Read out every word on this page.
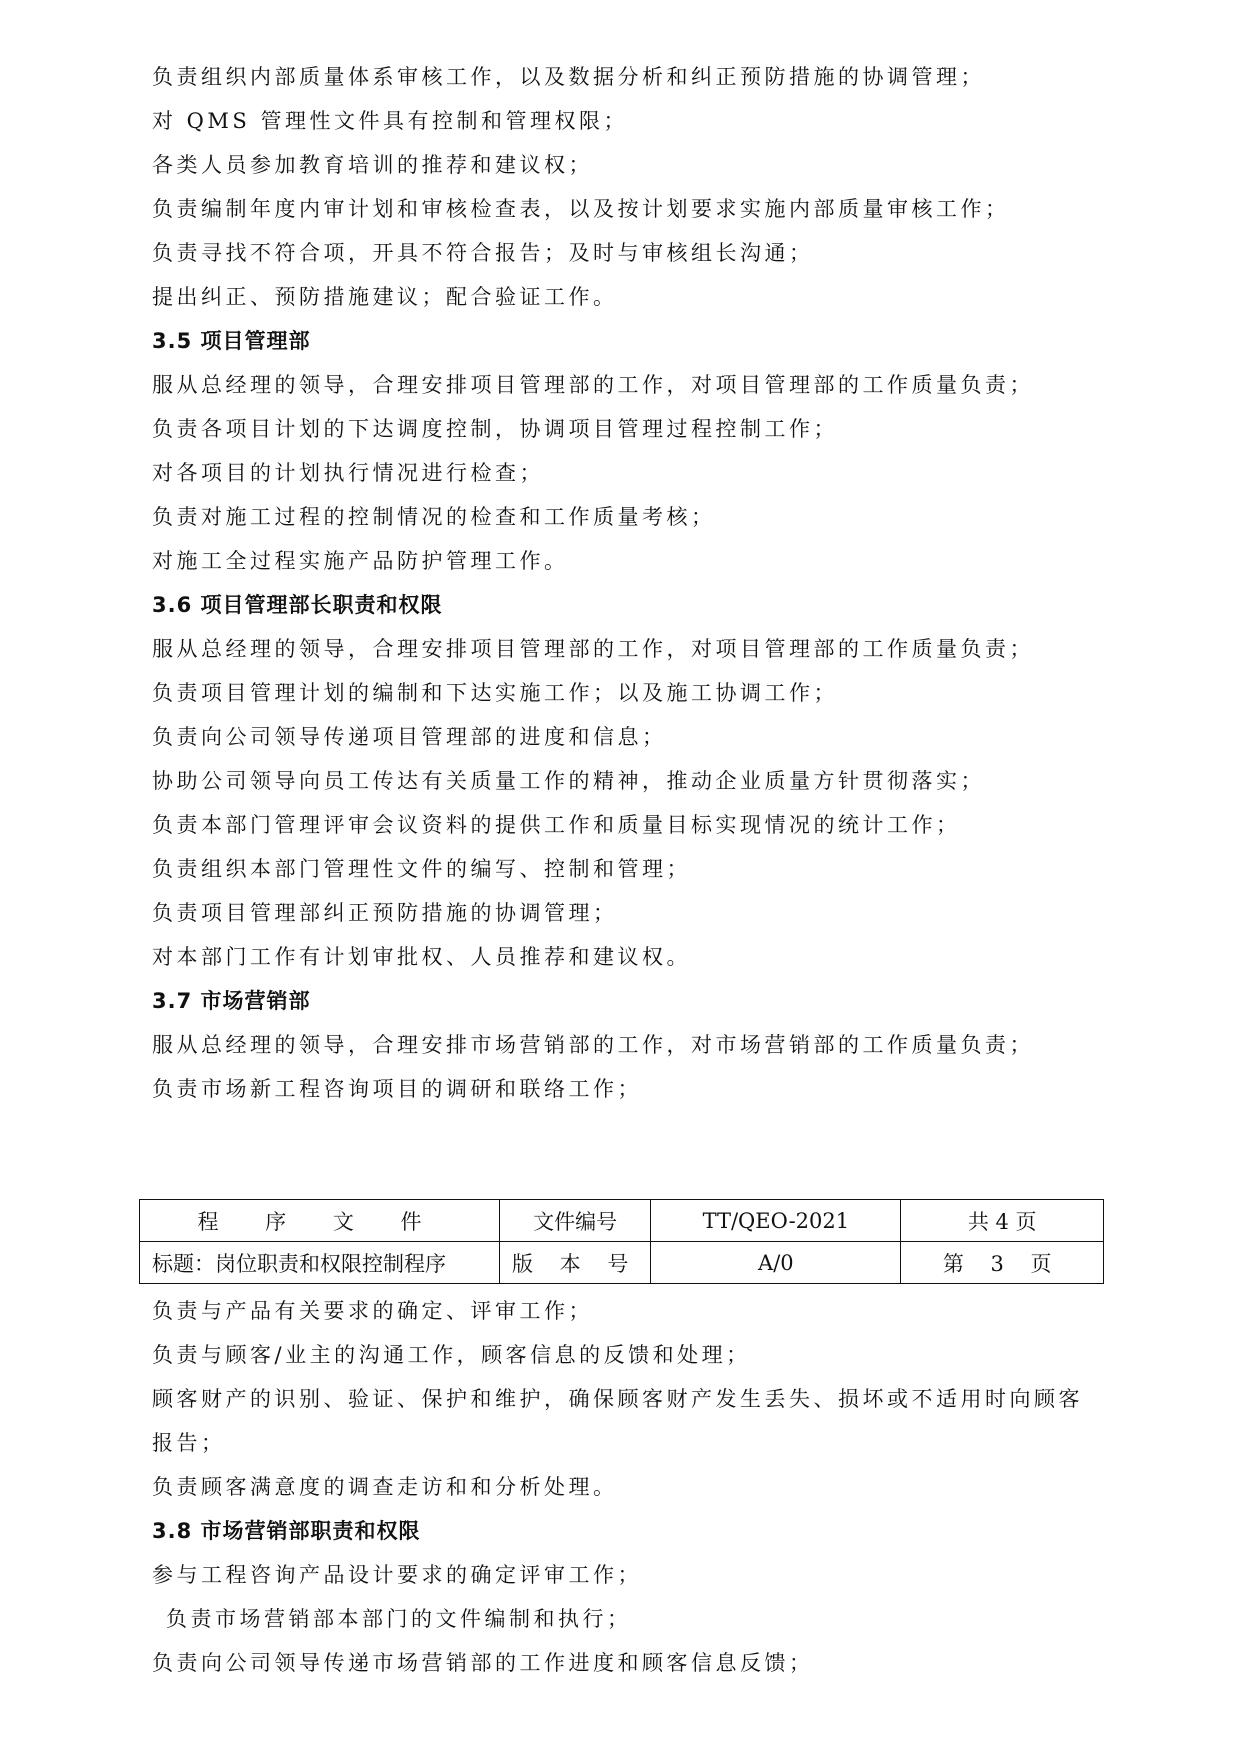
负责组织内部质量体系审核工作，以及数据分析和纠正预防措施的协调管理；
对 QMS 管理性文件具有控制和管理权限；
各类人员参加教育培训的推荐和建议权；
负责编制年度内审计划和审核检查表，以及按计划要求实施内部质量审核工作；
负责寻找不符合项，开具不符合报告；及时与审核组长沟通；
提出纠正、预防措施建议；配合验证工作。
3.5 项目管理部
服从总经理的领导，合理安排项目管理部的工作，对项目管理部的工作质量负责；
负责各项目计划的下达调度控制，协调项目管理过程控制工作；
对各项目的计划执行情况进行检查；
负责对施工过程的控制情况的检查和工作质量考核；
对施工全过程实施产品防护管理工作。
3.6 项目管理部长职责和权限
服从总经理的领导，合理安排项目管理部的工作，对项目管理部的工作质量负责；
负责项目管理计划的编制和下达实施工作；以及施工协调工作；
负责向公司领导传递项目管理部的进度和信息；
协助公司领导向员工传达有关质量工作的精神，推动企业质量方针贯彻落实；
负责本部门管理评审会议资料的提供工作和质量目标实现情况的统计工作；
负责组织本部门管理性文件的编写、控制和管理；
负责项目管理部纠正预防措施的协调管理；
对本部门工作有计划审批权、人员推荐和建议权。
3.7 市场营销部
服从总经理的领导，合理安排市场营销部的工作，对市场营销部的工作质量负责；
负责市场新工程咨询项目的调研和联络工作；
程 序 文 件	文件编号	TT/QEO-2021	共 4 页
标题：岗位职责和权限控制程序	版 本 号	A/0	第 3 页
负责与产品有关要求的确定、评审工作；
负责与顾客/业主的沟通工作，顾客信息的反馈和处理；
顾客财产的识别、验证、保护和维护，确保顾客财产发生丢失、损坏或不适用时向顾客
报告；
负责顾客满意度的调查走访和和分析处理。
3.8 市场营销部职责和权限
参与工程咨询产品设计要求的确定评审工作；
负责市场营销部本部门的文件编制和执行；
负责向公司领导传递市场营销部的工作进度和顾客信息反馈；
